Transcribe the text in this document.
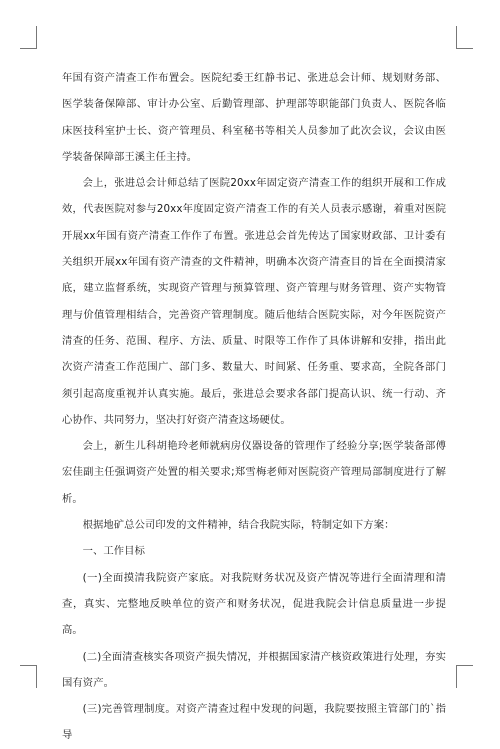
年国有资产清查工作布置会。医院纪委王红静书记、张进总会计师、规划财务部、医学装备保障部、审计办公室、后勤管理部、护理部等职能部门负责人、医院各临床医技科室护士长、资产管理员、科室秘书等相关人员参加了此次会议，会议由医学装备保障部王溪主任主持。

会上，张进总会计师总结了医院20xx年固定资产清查工作的组织开展和工作成效，代表医院对参与20xx年度固定资产清查工作的有关人员表示感谢，着重对医院开展xx年国有资产清查工作作了布置。张进总会首先传达了国家财政部、卫计委有关组织开展xx年国有资产清查的文件精神，明确本次资产清查目的旨在全面摸清家底，建立监督系统，实现资产管理与预算管理、资产管理与财务管理、资产实物管理与价值管理相结合，完善资产管理制度。随后他结合医院实际，对今年医院资产清查的任务、范围、程序、方法、质量、时限等工作作了具体讲解和安排，指出此次资产清查工作范围广、部门多、数量大、时间紧、任务重、要求高，全院各部门须引起高度重视并认真实施。最后，张进总会要求各部门提高认识、统一行动、齐心协作、共同努力，坚决打好资产清查这场硬仗。

会上，新生儿科胡艳玲老师就病房仪器设备的管理作了经验分享;医学装备部傅宏佳副主任强调资产处置的相关要求;郑雪梅老师对医院资产管理局部制度进行了解析。

根据地矿总公司印发的文件精神，结合我院实际，特制定如下方案：

一、工作目标

(一)全面摸清我院资产家底。对我院财务状况及资产情况等进行全面清理和清查，真实、完整地反映单位的资产和财务状况，促进我院会计信息质量进一步提高。

(二)全面清查核实各项资产损失情况，并根据国家清产核资政策进行处理，夯实国有资产。

(三)完善管理制度。对资产清查过程中发现的问题，我院要按照主管部门的`指导
